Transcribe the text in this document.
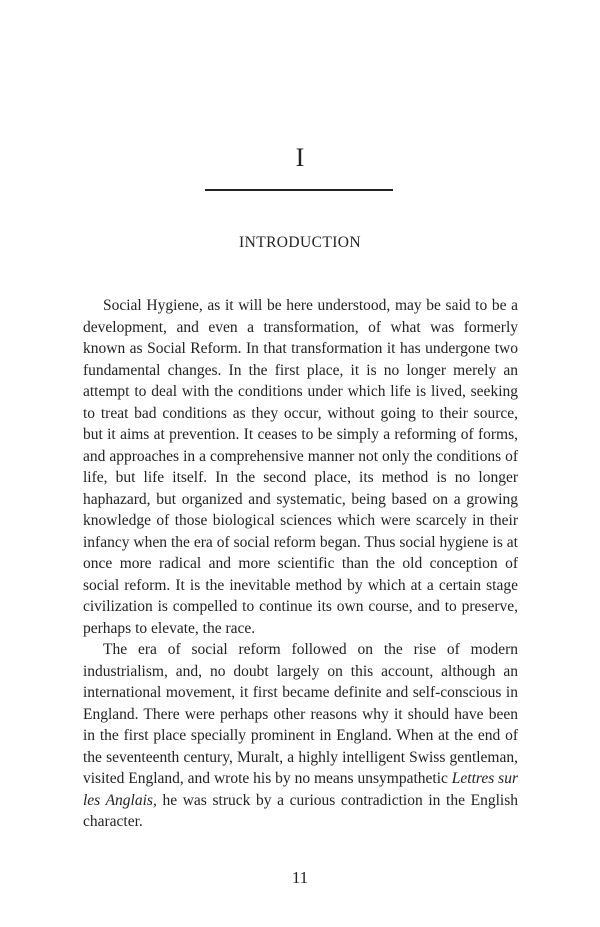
I
INTRODUCTION

Social Hygiene, as it will be here understood, may be said to be a development, and even a transformation, of what was formerly known as Social Reform. In that transformation it has undergone two fundamental changes. In the first place, it is no longer merely an attempt to deal with the conditions under which life is lived, seeking to treat bad conditions as they occur, without going to their source, but it aims at prevention. It ceases to be simply a reforming of forms, and approaches in a comprehensive manner not only the conditions of life, but life itself. In the second place, its method is no longer haphazard, but organized and systematic, being based on a growing knowledge of those biological sciences which were scarcely in their infancy when the era of social reform began. Thus social hygiene is at once more radical and more scientific than the old conception of social reform. It is the inevitable method by which at a certain stage civilization is compelled to continue its own course, and to preserve, perhaps to elevate, the race.

The era of social reform followed on the rise of modern industrialism, and, no doubt largely on this account, although an international movement, it first became definite and self-conscious in England. There were perhaps other reasons why it should have been in the first place specially prominent in England. When at the end of the seventeenth century, Muralt, a highly intelligent Swiss gentleman, visited England, and wrote his by no means unsympathetic Lettres sur les Anglais, he was struck by a curious contradiction in the English character.

11
